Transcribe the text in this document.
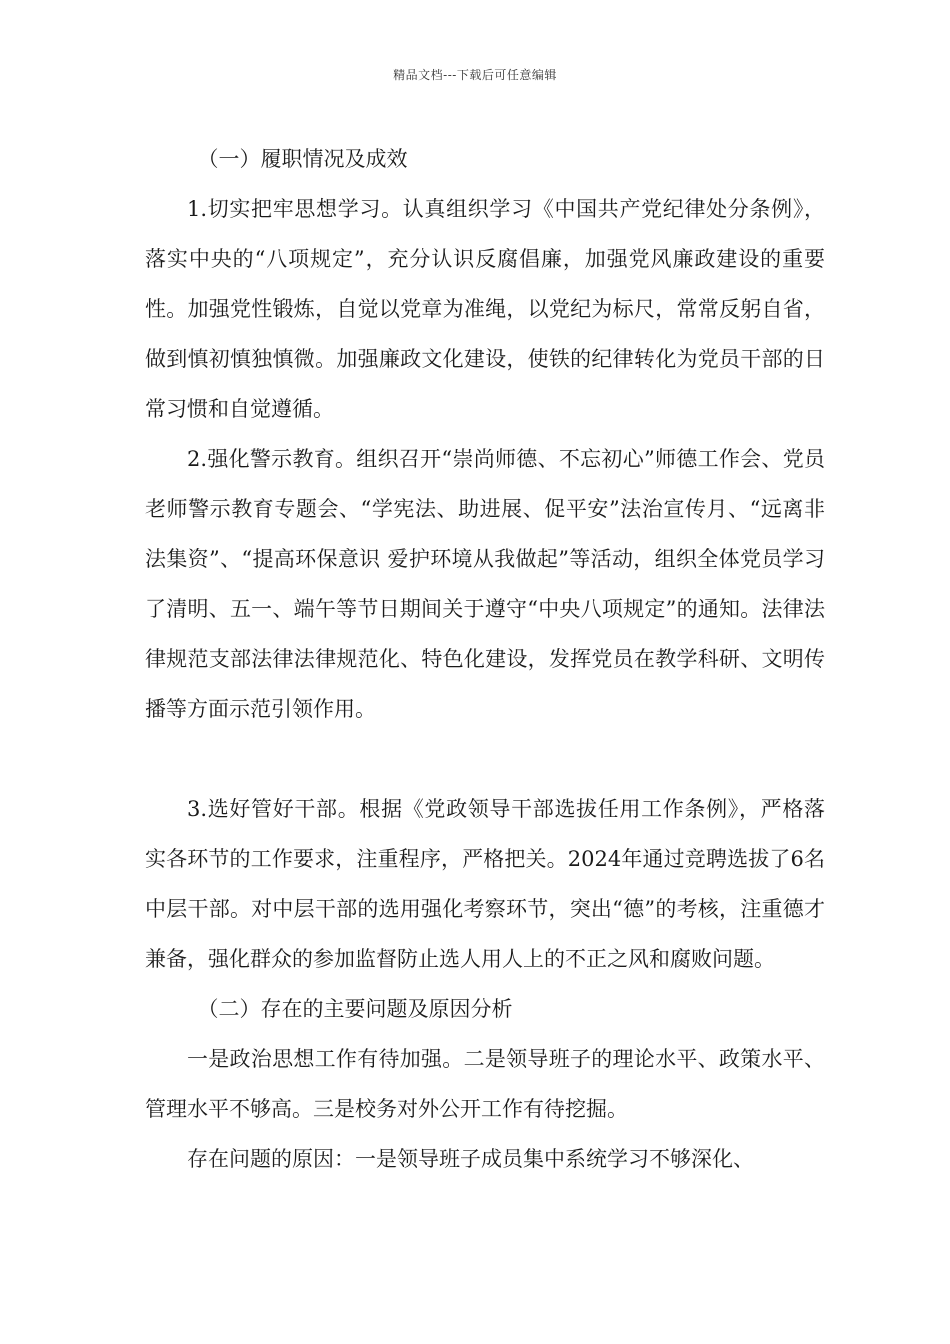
精品文档---下载后可任意编辑

（一）履职情况及成效

1.切实把牢思想学习。认真组织学习《中国共产党纪律处分条例》，落实中央的“八项规定”，充分认识反腐倡廉，加强党风廉政建设的重要性。加强党性锻炼，自觉以党章为准绳，以党纪为标尺，常常反躬自省，做到慎初慎独慎微。加强廉政文化建设，使铁的纪律转化为党员干部的日常习惯和自觉遵循。

2.强化警示教育。组织召开“崇尚师德、不忘初心”师德工作会、党员老师警示教育专题会、“学宪法、助进展、促平安”法治宣传月、“远离非法集资”、“提高环保意识 爱护环境从我做起”等活动，组织全体党员学习了清明、五一、端午等节日期间关于遵守“中央八项规定”的通知。法律法律规范支部法律法律规范化、特色化建设，发挥党员在教学科研、文明传播等方面示范引领作用。

3.选好管好干部。根据《党政领导干部选拔任用工作条例》，严格落实各环节的工作要求，注重程序，严格把关。2024年通过竞聘选拔了6名中层干部。对中层干部的选用强化考察环节，突出“德”的考核，注重德才兼备，强化群众的参加监督防止选人用人上的不正之风和腐败问题。

（二）存在的主要问题及原因分析

一是政治思想工作有待加强。二是领导班子的理论水平、政策水平、管理水平不够高。三是校务对外公开工作有待挖掘。

存在问题的原因：一是领导班子成员集中系统学习不够深化、
